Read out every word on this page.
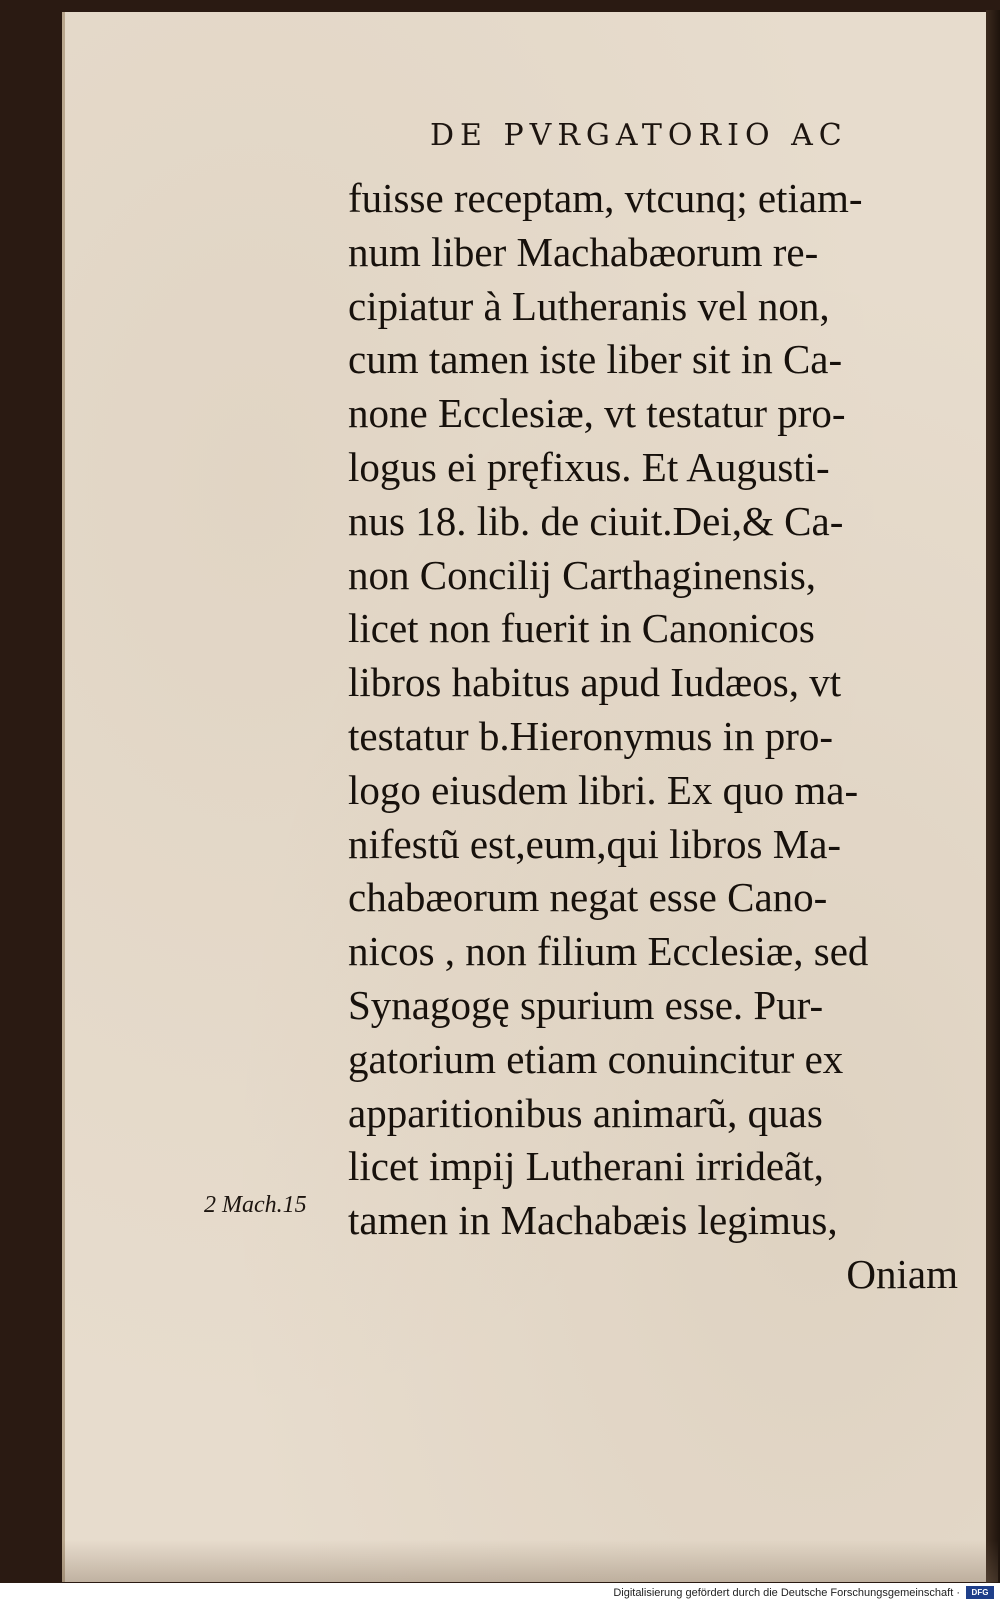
DE PVRGATORIO AC
fuisse receptam, vtcunq; etiam-
num liber Machabæorum re-
cipiatur à Lutheranis vel non,
cum tamen iste liber sit in Ca-
none Ecclesiæ, vt testatur pro-
logus ei pręfixus. Et Augusti-
nus 18. lib. de ciuit.Dei,& Ca-
non Concilij Carthaginensis,
licet non fuerit in Canonicos
libros habitus apud Iudæos, vt
testatur b.Hieronymus in pro-
logo eiusdem libri. Ex quo ma-
nifestũ est,eum,qui libros Ma-
chabæorum negat esse Cano-
nicos , non filium Ecclesiæ, sed
Synagogę spurium esse. Pur-
gatorium etiam conuincitur ex
apparitionibus animarũ, quas
licet impij Lutherani irrideãt,
tamen in Machabæis legimus,
Oniam
2 Mach.15
Digitalisierung gefördert durch die Deutsche Forschungsgemeinschaft ·	DFG
